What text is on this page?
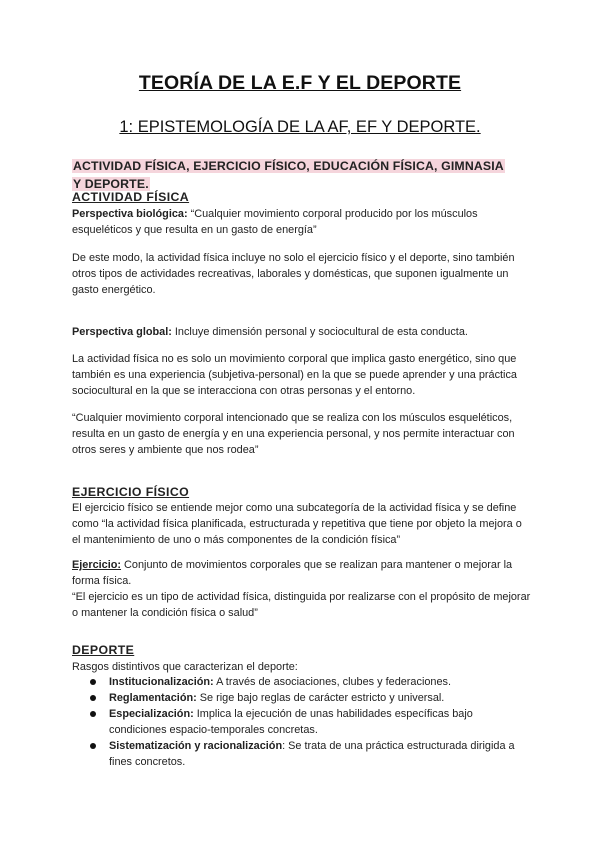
TEORÍA DE LA E.F Y EL DEPORTE
1: EPISTEMOLOGÍA DE LA AF, EF Y DEPORTE.
ACTIVIDAD FÍSICA, EJERCICIO FÍSICO, EDUCACIÓN FÍSICA, GIMNASIA Y DEPORTE.
ACTIVIDAD FÍSICA
Perspectiva biológica: “Cualquier movimiento corporal producido por los músculos esqueléticos y que resulta en un gasto de energía”
De este modo, la actividad física incluye no solo el ejercicio físico y el deporte, sino también otros tipos de actividades recreativas, laborales y domésticas, que suponen igualmente un gasto energético.
Perspectiva global: Incluye dimensión personal y sociocultural de esta conducta.
La actividad física no es solo un movimiento corporal que implica gasto energético, sino que también es una experiencia (subjetiva-personal) en la que se puede aprender y una práctica sociocultural en la que se interacciona con otras personas y el entorno.
“Cualquier movimiento corporal intencionado que se realiza con los músculos esqueléticos, resulta en un gasto de energía y en una experiencia personal, y nos permite interactuar con otros seres y ambiente que nos rodea”
EJERCICIO FÍSICO
El ejercicio físico se entiende mejor como una subcategoría de la actividad física y se define como “la actividad física planificada, estructurada y repetitiva que tiene por objeto la mejora o el mantenimiento de uno o más componentes de la condición física”
Ejercicio: Conjunto de movimientos corporales que se realizan para mantener o mejorar la forma física.
“El ejercicio es un tipo de actividad física, distinguida por realizarse con el propósito de mejorar o mantener la condición física o salud”
DEPORTE
Rasgos distintivos que caracterizan el deporte:
Institucionalización: A través de asociaciones, clubes y federaciones.
Reglamentación: Se rige bajo reglas de carácter estricto y universal.
Especialización: Implica la ejecución de unas habilidades específicas bajo condiciones espacio-temporales concretas.
Sistematización y racionalización: Se trata de una práctica estructurada dirigida a fines concretos.
